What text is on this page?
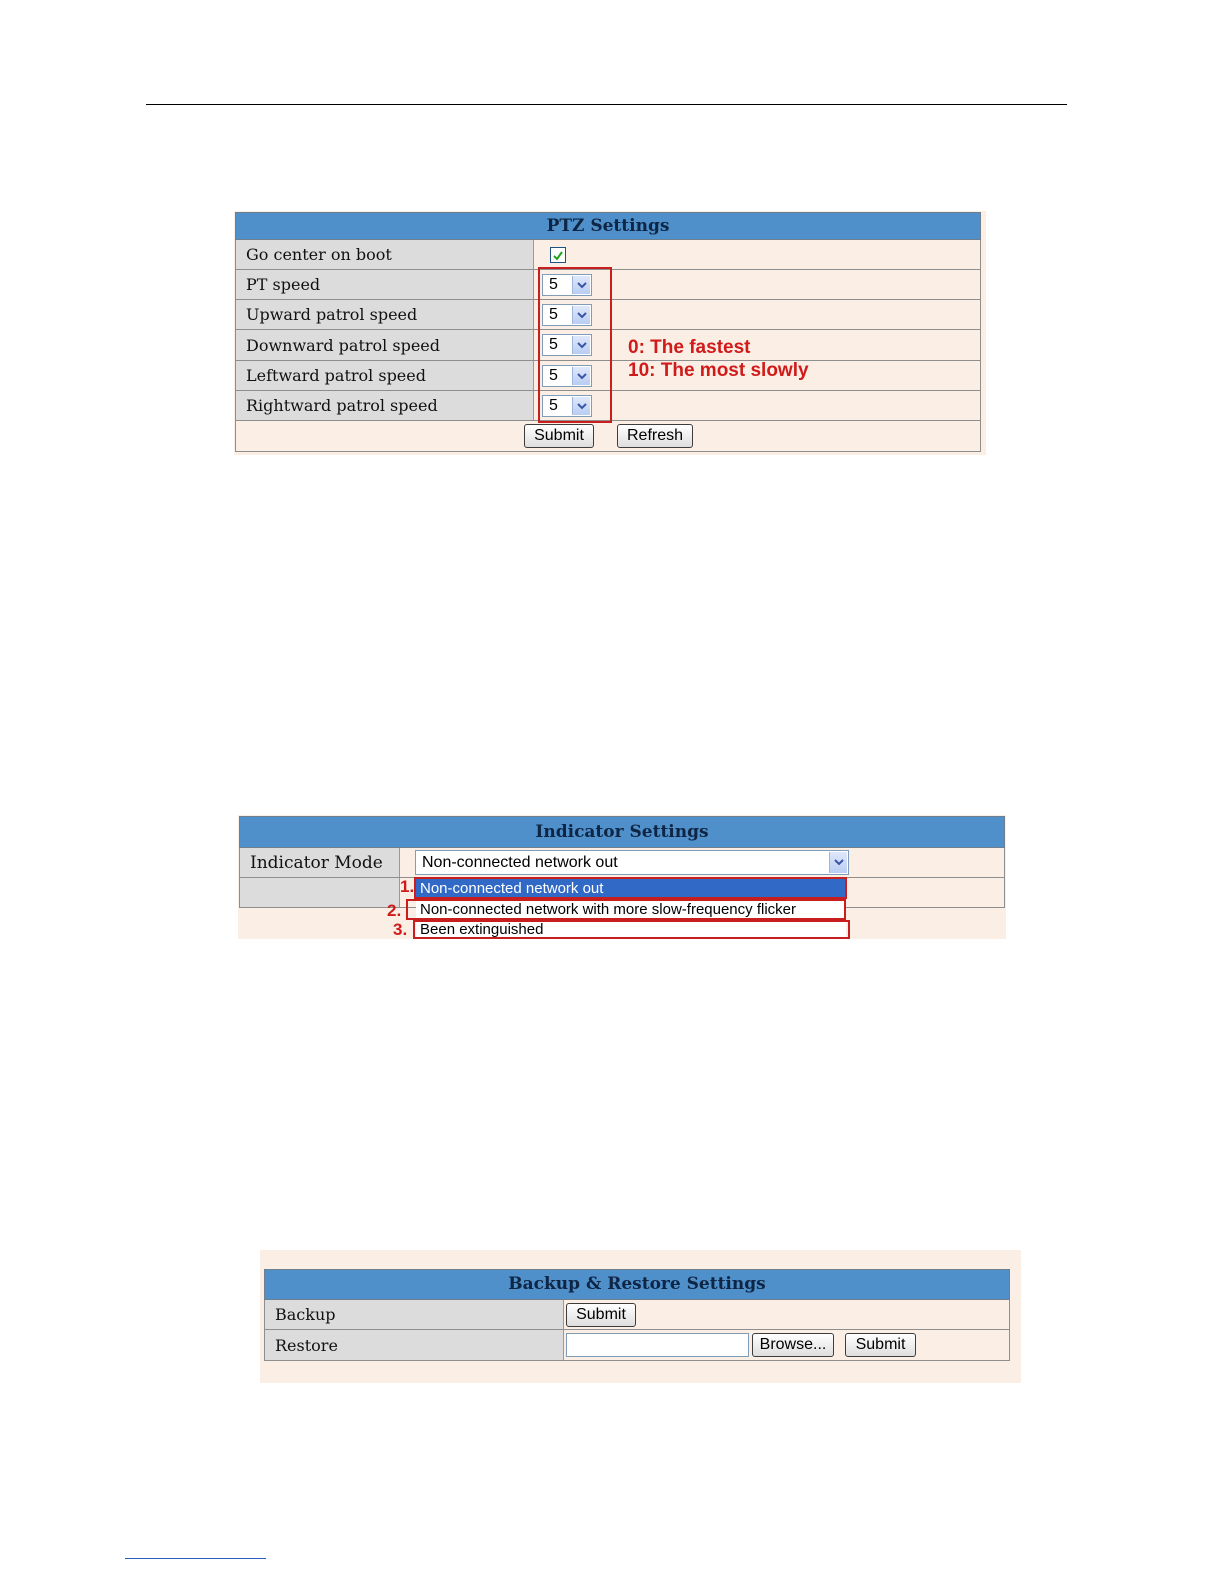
PTZ Settings
Go center on boot
PT speed	5
Upward patrol speed	5
Downward patrol speed	5
Leftward patrol speed	5
Rightward patrol speed	5
Submit	Refresh
0: The fastest
10: The most slowly
Indicator Settings
Indicator Mode	Non-connected network out
Non-connected network out
Non-connected network with more slow-frequency flicker
Been extinguished
1.
2.
3.
Backup & Restore Settings
Backup	Submit
Restore	Browse...	Submit
